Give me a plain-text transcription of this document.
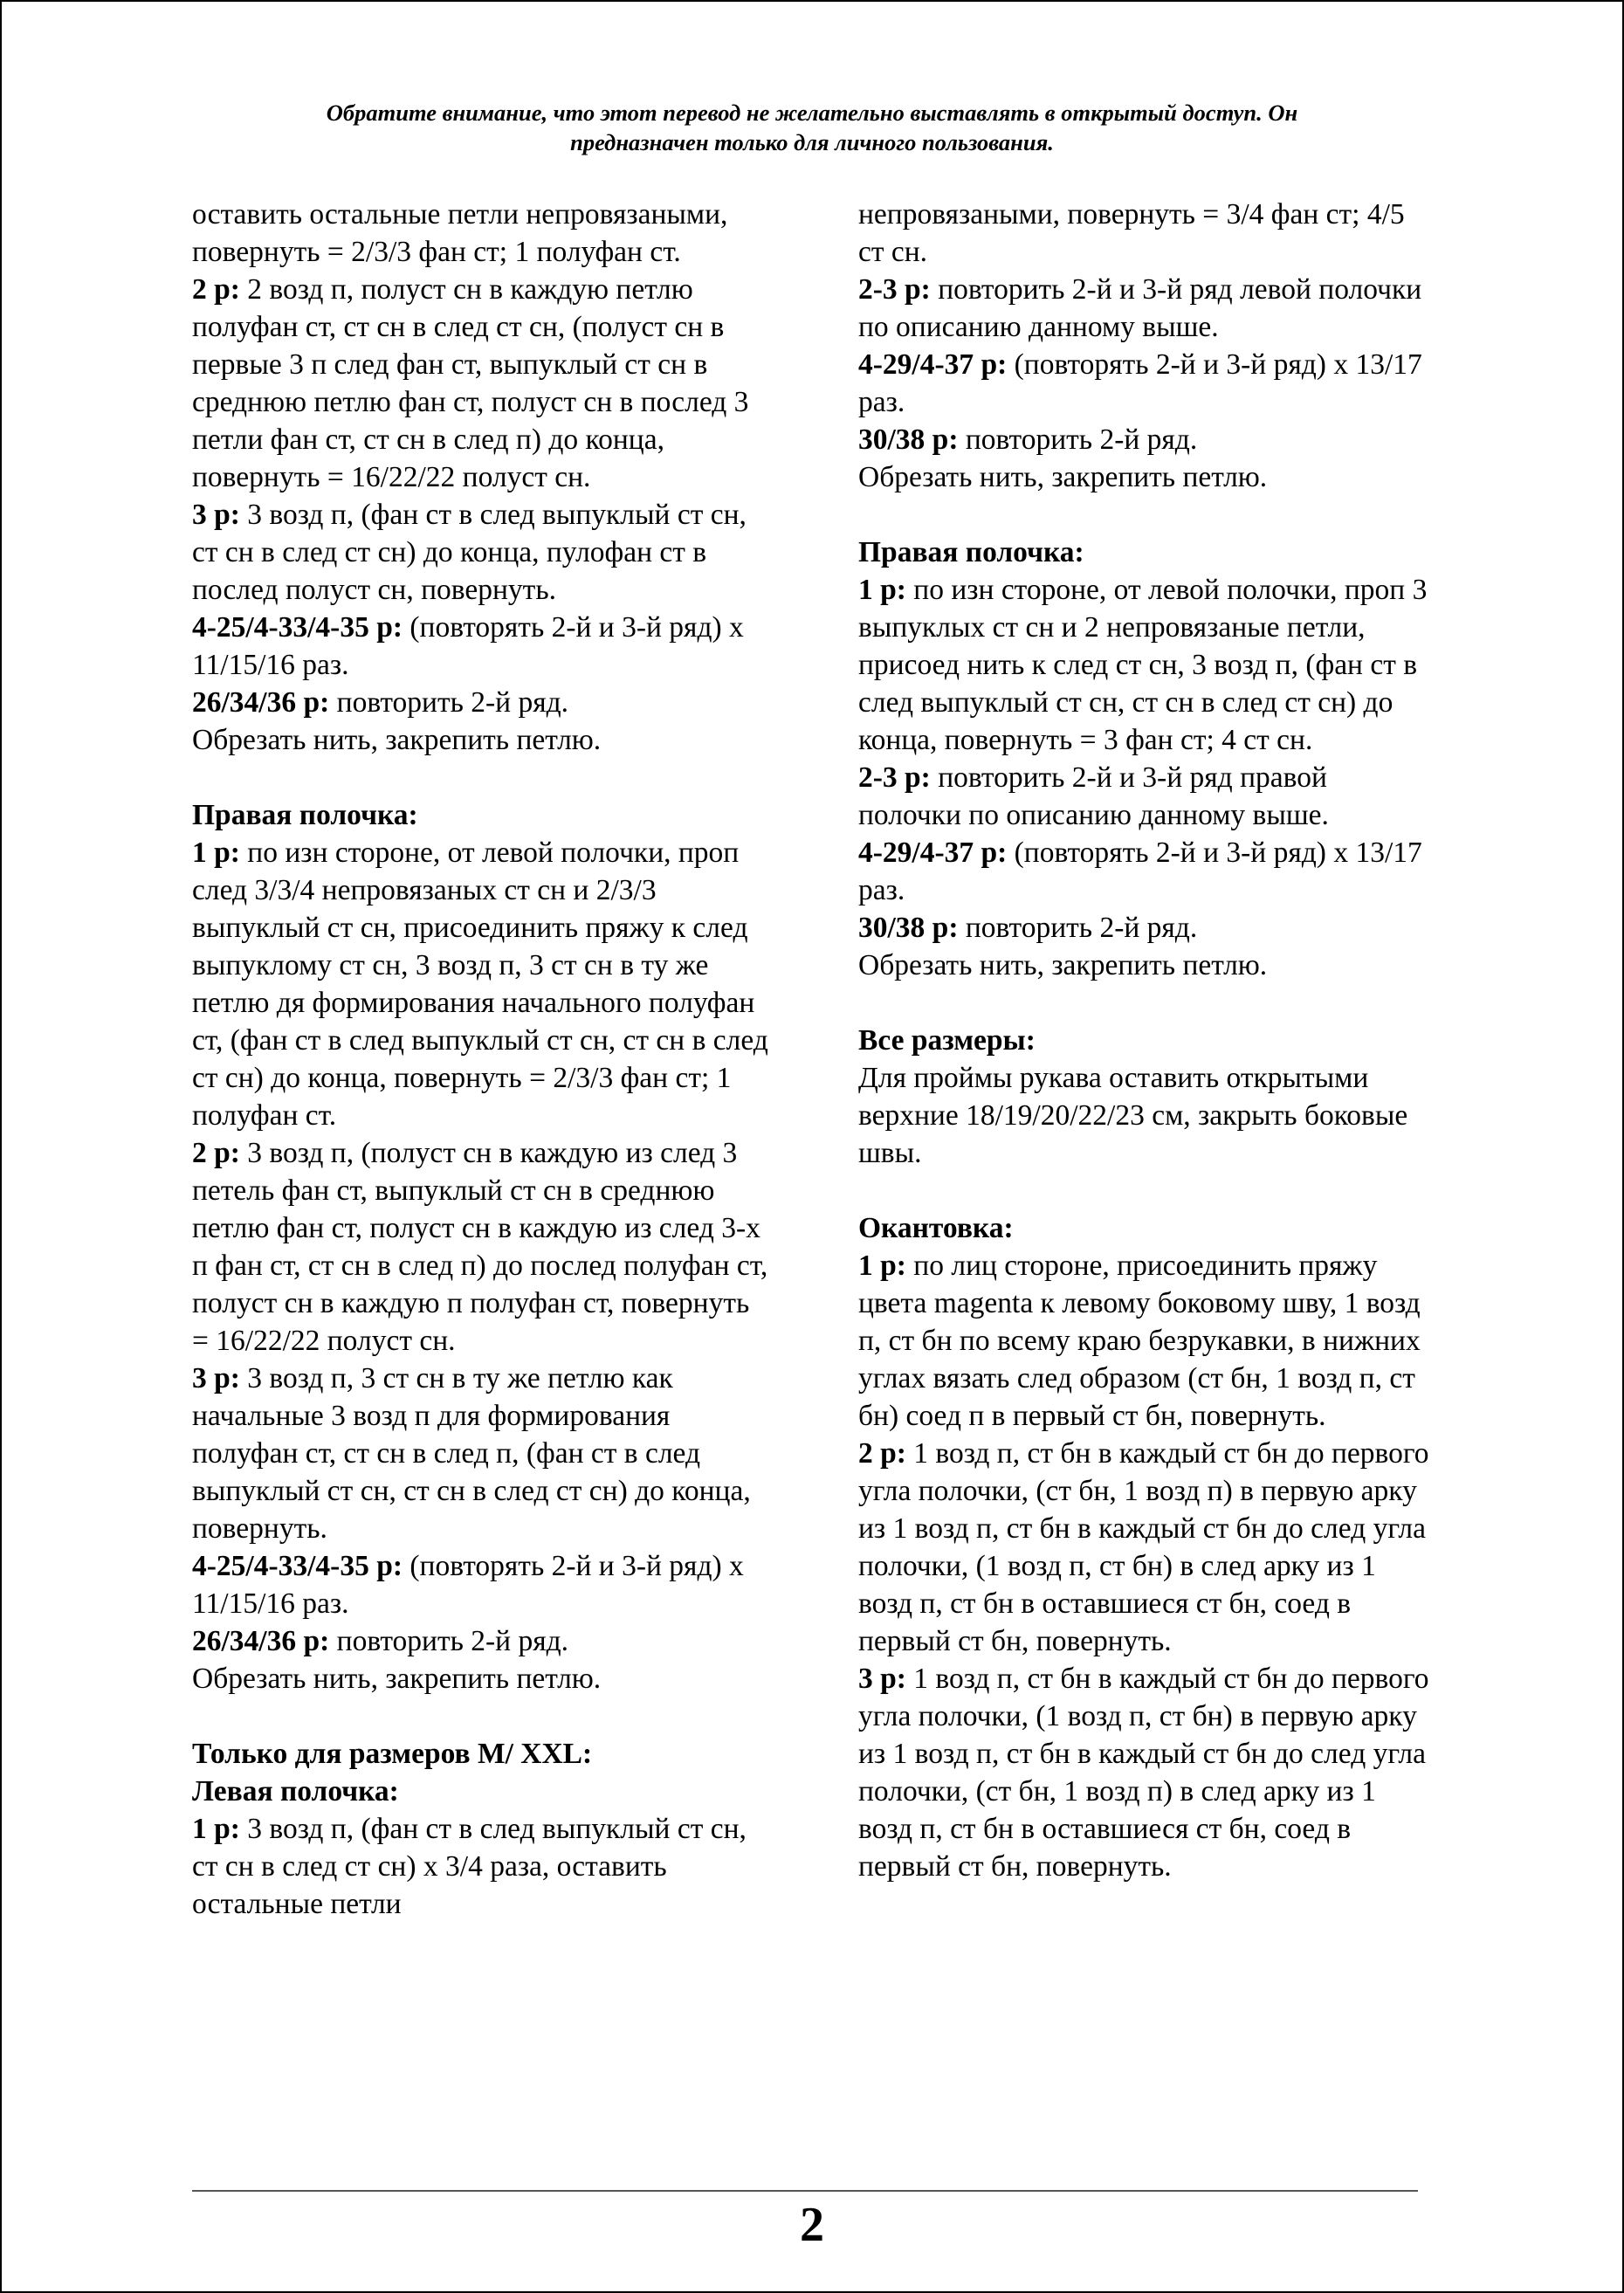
Обратите внимание, что этот перевод не желательно выставлять в открытый доступ. Он
предназначен только для личного пользования.

оставить остальные петли непровязаными, повернуть = 2/3/3 фан ст; 1 полуфан ст.

2 р: 2 возд п, полуст сн в каждую петлю полуфан ст, ст сн в след ст сн, (полуст сн в первые 3 п след фан ст, выпуклый ст сн в среднюю петлю фан ст, полуст сн в послед 3 петли фан ст, ст сн в след п) до конца, повернуть = 16/22/22 полуст сн.

3 р: 3 возд п, (фан ст в след выпуклый ст сн, ст сн в след ст сн) до конца, пулофан ст в послед полуст сн, повернуть.

4-25/4-33/4-35 р: (повторять 2-й и 3-й ряд) х 11/15/16 раз.

26/34/36 р: повторить 2-й ряд.

Обрезать нить, закрепить петлю.

Правая полочка:

1 р: по изн стороне, от левой полочки, проп след 3/3/4 непровязаных ст сн и 2/3/3 выпуклый ст сн, присоединить пряжу к след выпуклому ст сн, 3 возд п, 3 ст сн в ту же петлю дя формирования начального полуфан ст, (фан ст в след выпуклый ст сн, ст сн в след ст сн) до конца, повернуть = 2/3/3 фан ст; 1 полуфан ст.

2 р: 3 возд п, (полуст сн в каждую из след 3 петель фан ст, выпуклый ст сн в среднюю петлю фан ст, полуст сн в каждую из след 3-х п фан ст, ст сн в след п) до послед полуфан ст, полуст сн в каждую п полуфан ст, повернуть = 16/22/22 полуст сн.

3 р: 3 возд п, 3 ст сн в ту же петлю как начальные 3 возд п для формирования полуфан ст, ст сн в след п, (фан ст в след выпуклый ст сн, ст сн в след ст сн) до конца, повернуть.

4-25/4-33/4-35 р: (повторять 2-й и 3-й ряд) х 11/15/16 раз.

26/34/36 р: повторить 2-й ряд.

Обрезать нить, закрепить петлю.

Только для размеров М/ XXL:

Левая полочка:

1 р: 3 возд п, (фан ст в след выпуклый ст сн, ст сн в след ст сн) х 3/4 раза, оставить остальные петли

непровязаными, повернуть = 3/4 фан ст; 4/5 ст сн.

2-3 р: повторить 2-й и 3-й ряд левой полочки по описанию данному выше.

4-29/4-37 р: (повторять 2-й и 3-й ряд) х 13/17 раз.

30/38 р: повторить 2-й ряд.

Обрезать нить, закрепить петлю.

Правая полочка:

1 р: по изн стороне, от левой полочки, проп 3 выпуклых ст сн и 2 непровязаные петли, присоед нить к след ст сн, 3 возд п, (фан ст в след выпуклый ст сн, ст сн в след ст сн) до конца, повернуть = 3 фан ст; 4 ст сн.

2-3 р: повторить 2-й и 3-й ряд правой полочки по описанию данному выше.

4-29/4-37 р: (повторять 2-й и 3-й ряд) х 13/17 раз.

30/38 р: повторить 2-й ряд.

Обрезать нить, закрепить петлю.

Все размеры:

Для проймы рукава оставить открытыми верхние 18/19/20/22/23 см, закрыть боковые швы.

Окантовка:

1 р: по лиц стороне, присоединить пряжу цвета magenta к левому боковому шву, 1 возд п, ст бн по всему краю безрукавки, в нижних углах вязать след образом (ст бн, 1 возд п, ст бн) соед п в первый ст бн, повернуть.

2 р: 1 возд п, ст бн в каждый ст бн до первого угла полочки, (ст бн, 1 возд п) в первую арку из 1 возд п, ст бн в каждый ст бн до след угла полочки, (1 возд п, ст бн) в след арку из 1 возд п, ст бн в оставшиеся ст бн, соед в первый ст бн, повернуть.

3 р: 1 возд п, ст бн в каждый ст бн до первого угла полочки, (1 возд п, ст бн) в первую арку из 1 возд п, ст бн в каждый ст бн до след угла полочки, (ст бн, 1 возд п) в след арку из 1 возд п, ст бн в оставшиеся ст бн, соед в первый ст бн, повернуть.

2
